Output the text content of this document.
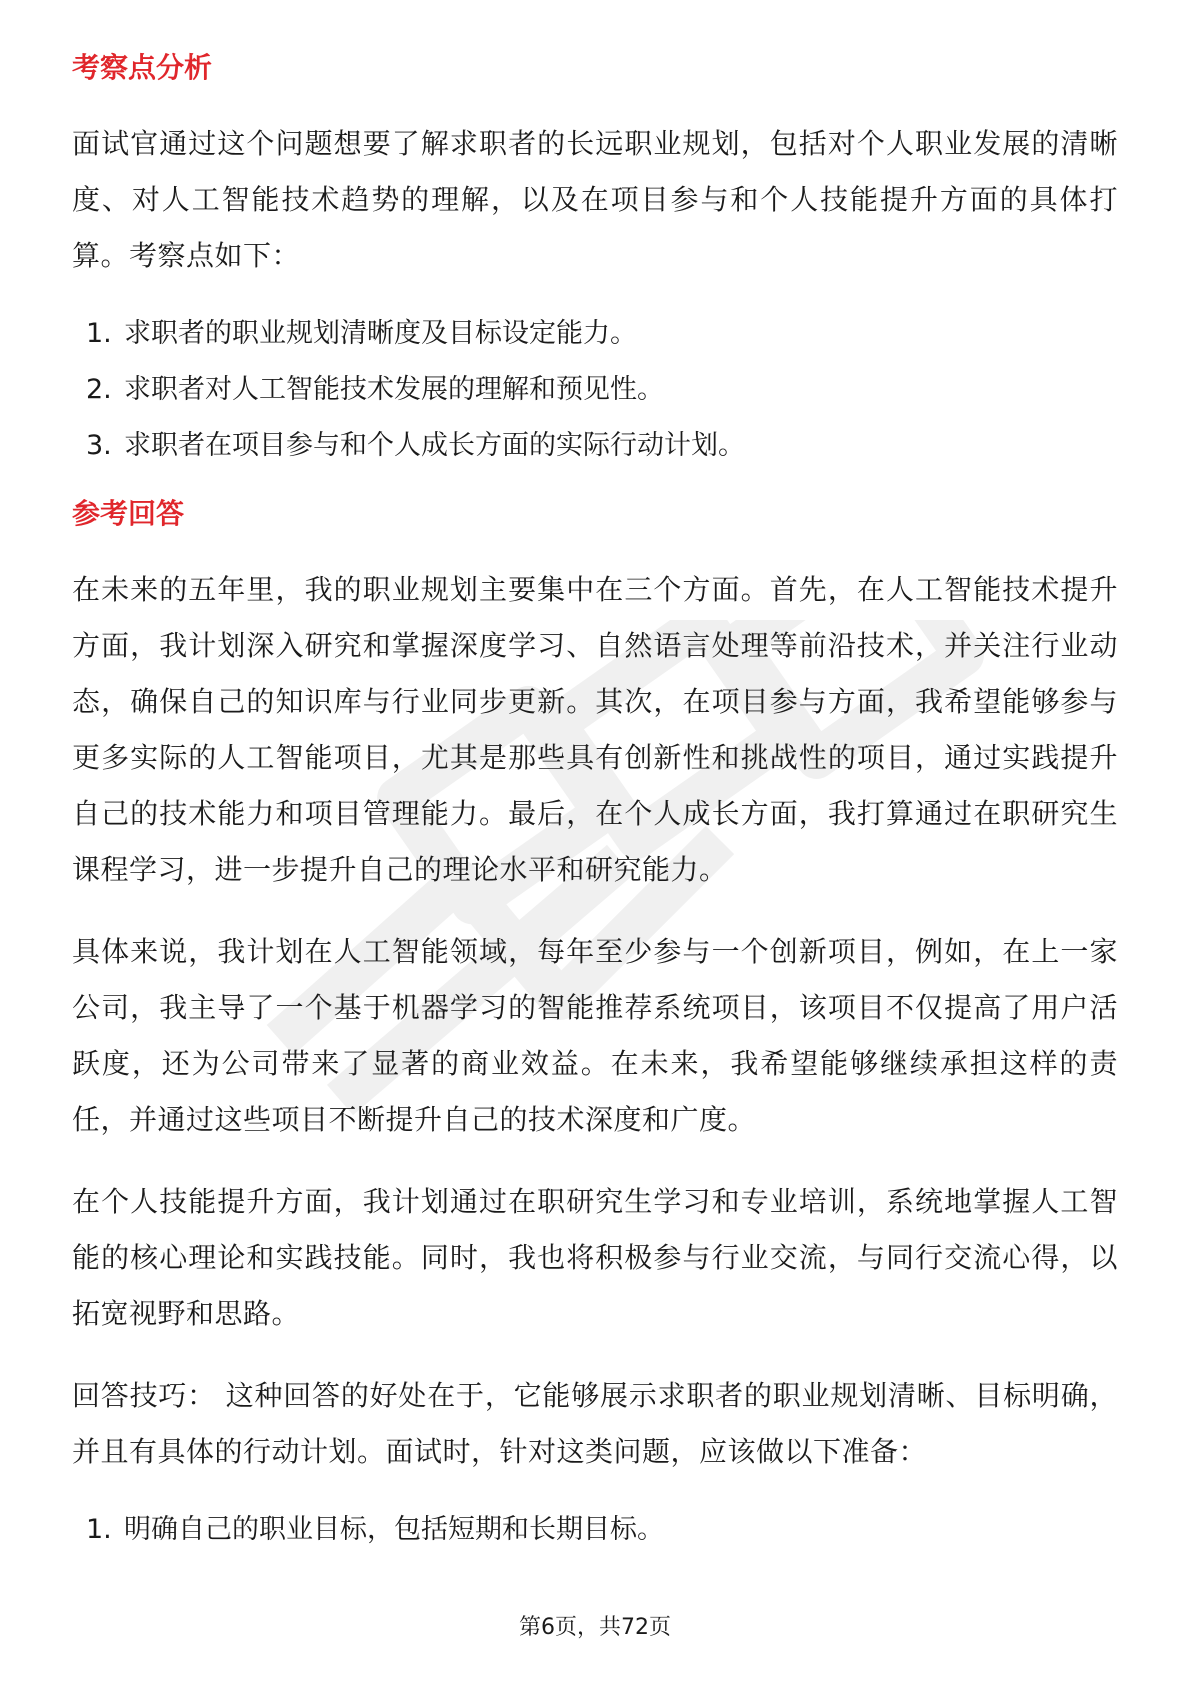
考察点分析

面试官通过这个问题想要了解求职者的长远职业规划，包括对个人职业发展的清晰度、对人工智能技术趋势的理解，以及在项目参与和个人技能提升方面的具体打算。考察点如下：

1. 求职者的职业规划清晰度及目标设定能力。
2. 求职者对人工智能技术发展的理解和预见性。
3. 求职者在项目参与和个人成长方面的实际行动计划。
参考回答

在未来的五年里，我的职业规划主要集中在三个方面。首先，在人工智能技术提升方面，我计划深入研究和掌握深度学习、自然语言处理等前沿技术，并关注行业动态，确保自己的知识库与行业同步更新。其次，在项目参与方面，我希望能够参与更多实际的人工智能项目，尤其是那些具有创新性和挑战性的项目，通过实践提升自己的技术能力和项目管理能力。最后，在个人成长方面，我打算通过在职研究生课程学习，进一步提升自己的理论水平和研究能力。

具体来说，我计划在人工智能领域，每年至少参与一个创新项目，例如，在上一家公司，我主导了一个基于机器学习的智能推荐系统项目，该项目不仅提高了用户活跃度，还为公司带来了显著的商业效益。在未来，我希望能够继续承担这样的责任，并通过这些项目不断提升自己的技术深度和广度。

在个人技能提升方面，我计划通过在职研究生学习和专业培训，系统地掌握人工智能的核心理论和实践技能。同时，我也将积极参与行业交流，与同行交流心得，以拓宽视野和思路。

回答技巧： 这种回答的好处在于，它能够展示求职者的职业规划清晰、目标明确，并且有具体的行动计划。面试时，针对这类问题，应该做以下准备：

1. 明确自己的职业目标，包括短期和长期目标。
第6页，共72页
